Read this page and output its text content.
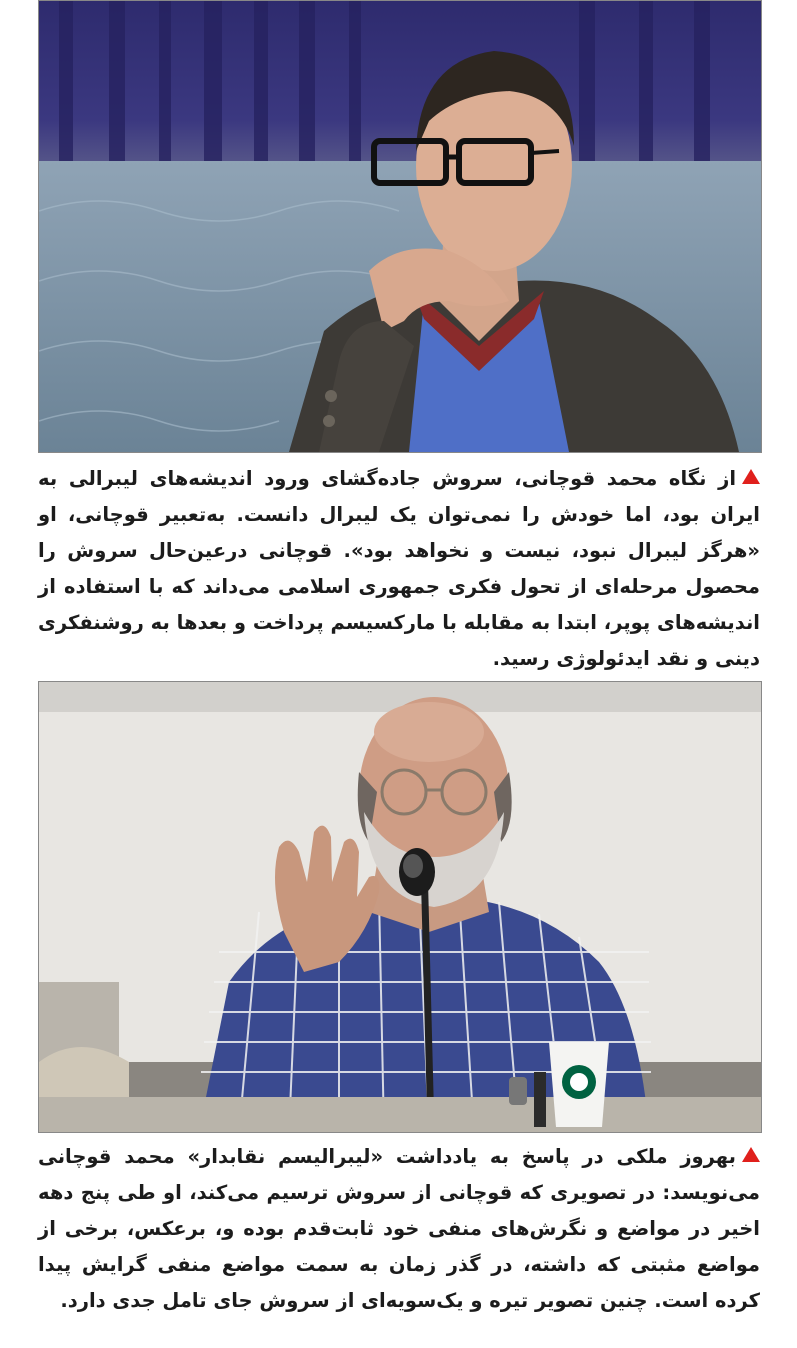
از نگاه محمد قوچانی، سروش جاده‌گشای ورود اندیشه‌های لیبرالی به ایران بود، اما خودش را نمی‌توان یک لیبرال دانست. به‌تعبیر قوچانی، او «هرگز لیبرال نبود، نیست و نخواهد بود». قوچانی درعین‌حال سروش را محصول مرحله‌ای از تحول فکری جمهوری اسلامی می‌داند که با استفاده از اندیشه‌های پوپر، ابتدا به مقابله با مارکسیسم پرداخت و بعدها به روشنفکری دینی و نقد ایدئولوژی رسید.
بهروز ملکی در پاسخ به یادداشت «لیبرالیسم نقابدار» محمد قوچانی می‌نویسد: در تصویری که قوچانی از سروش ترسیم می‌کند، او طی پنج دهه اخیر در مواضع و نگرش‌های منفی خود ثابت‌قدم بوده و، برعکس، برخی از مواضع مثبتی که داشته، در گذر زمان به سمت مواضع منفی گرایش پیدا کرده است. چنین تصویر تیره و یک‌سویه‌ای از سروش جای تامل جدی دارد.
